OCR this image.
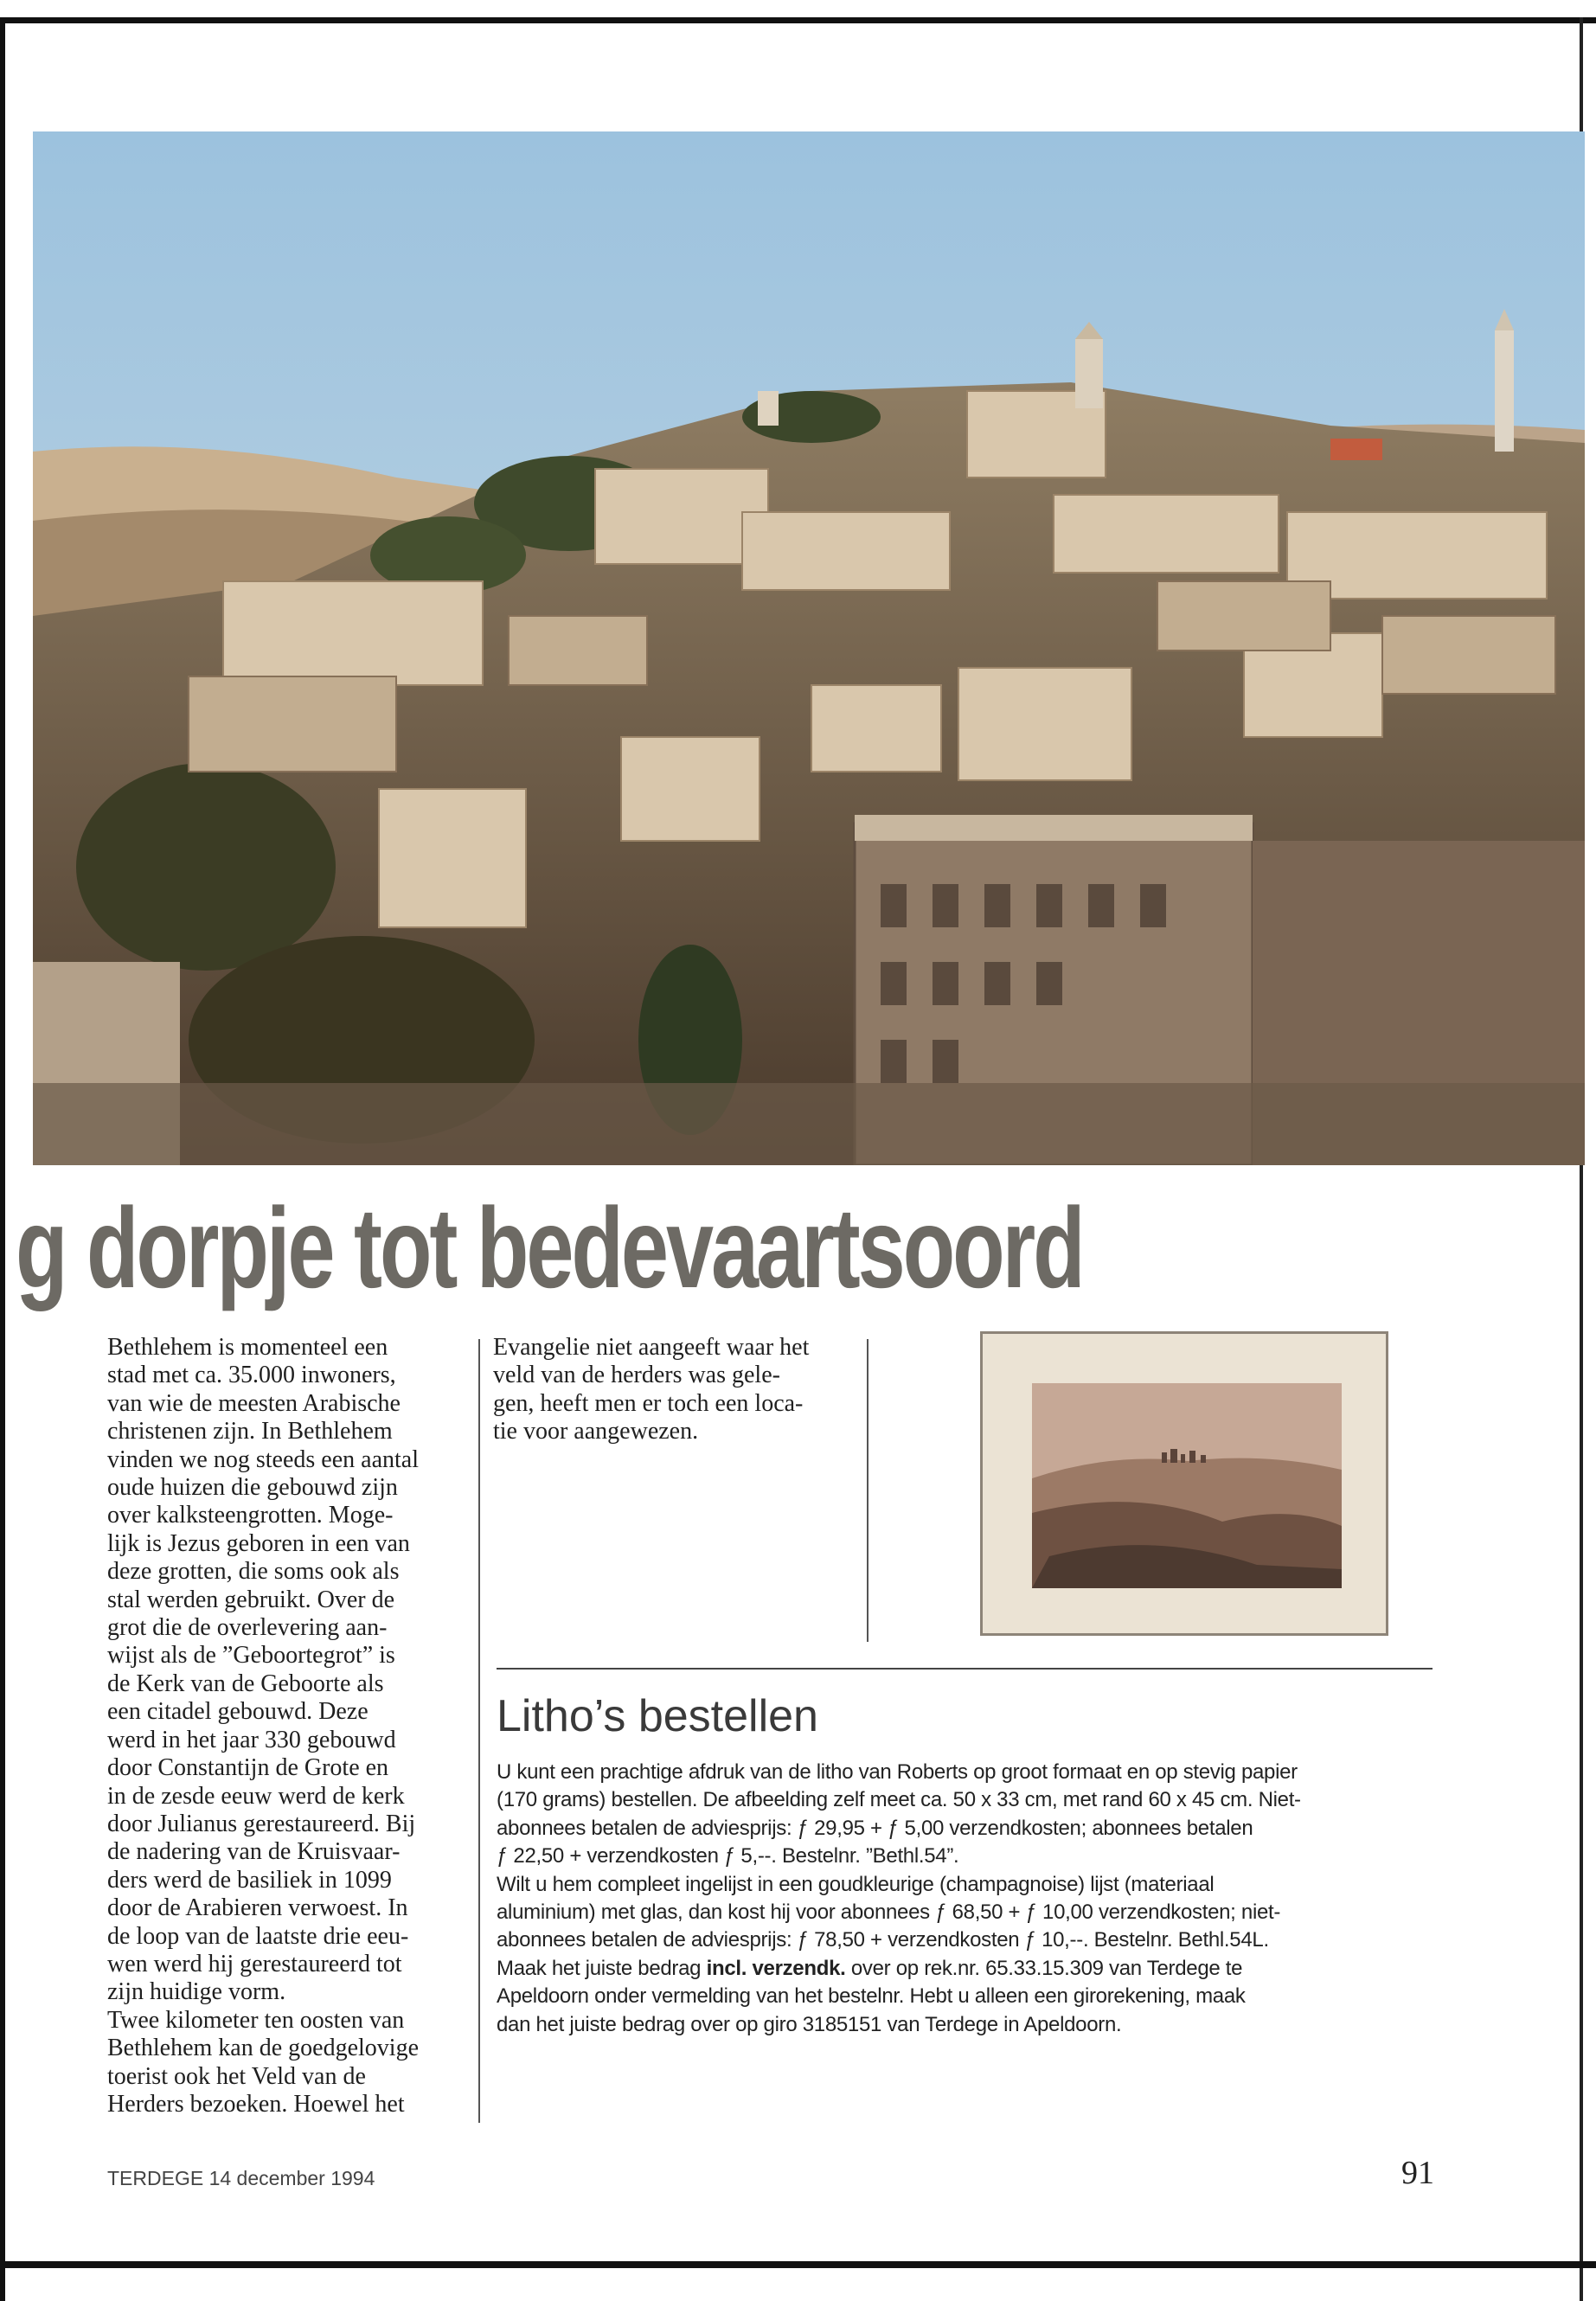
g dorpje tot bedevaartsoord
Bethlehem is momenteel een
stad met ca. 35.000 inwoners,
van wie de meesten Arabische
christenen zijn. In Bethlehem
vinden we nog steeds een aantal
oude huizen die gebouwd zijn
over kalksteengrotten. Moge-
lijk is Jezus geboren in een van
deze grotten, die soms ook als
stal werden gebruikt. Over de
grot die de overlevering aan-
wijst als de ”Geboortegrot” is
de Kerk van de Geboorte als
een citadel gebouwd. Deze
werd in het jaar 330 gebouwd
door Constantijn de Grote en
in de zesde eeuw werd de kerk
door Julianus gerestaureerd. Bij
de nadering van de Kruisvaar-
ders werd de basiliek in 1099
door de Arabieren verwoest. In
de loop van de laatste drie eeu-
wen werd hij gerestaureerd tot
zijn huidige vorm.
Twee kilometer ten oosten van
Bethlehem kan de goedgelovige
toerist ook het Veld van de
Herders bezoeken. Hoewel het
Evangelie niet aangeeft waar het
veld van de herders was gele-
gen, heeft men er toch een loca-
tie voor aangewezen.
Litho’s bestellen
U kunt een prachtige afdruk van de litho van Roberts op groot formaat en op stevig papier
(170 grams) bestellen. De afbeelding zelf meet ca. 50 x 33 cm, met rand 60 x 45 cm. Niet-
abonnees betalen de adviesprijs: ƒ 29,95 + ƒ 5,00 verzendkosten; abonnees betalen
ƒ 22,50 + verzendkosten ƒ 5,--. Bestelnr. ”Bethl.54”.
Wilt u hem compleet ingelijst in een goudkleurige (champagnoise) lijst (materiaal
aluminium) met glas, dan kost hij voor abonnees ƒ 68,50 + ƒ 10,00 verzendkosten; niet-
abonnees betalen de adviesprijs: ƒ 78,50 + verzendkosten ƒ 10,--. Bestelnr. Bethl.54L.
Maak het juiste bedrag incl. verzendk. over op rek.nr. 65.33.15.309 van Terdege te
Apeldoorn onder vermelding van het bestelnr. Hebt u alleen een girorekening, maak
dan het juiste bedrag over op giro 3185151 van Terdege in Apeldoorn.
TERDEGE 14 december 1994	91
